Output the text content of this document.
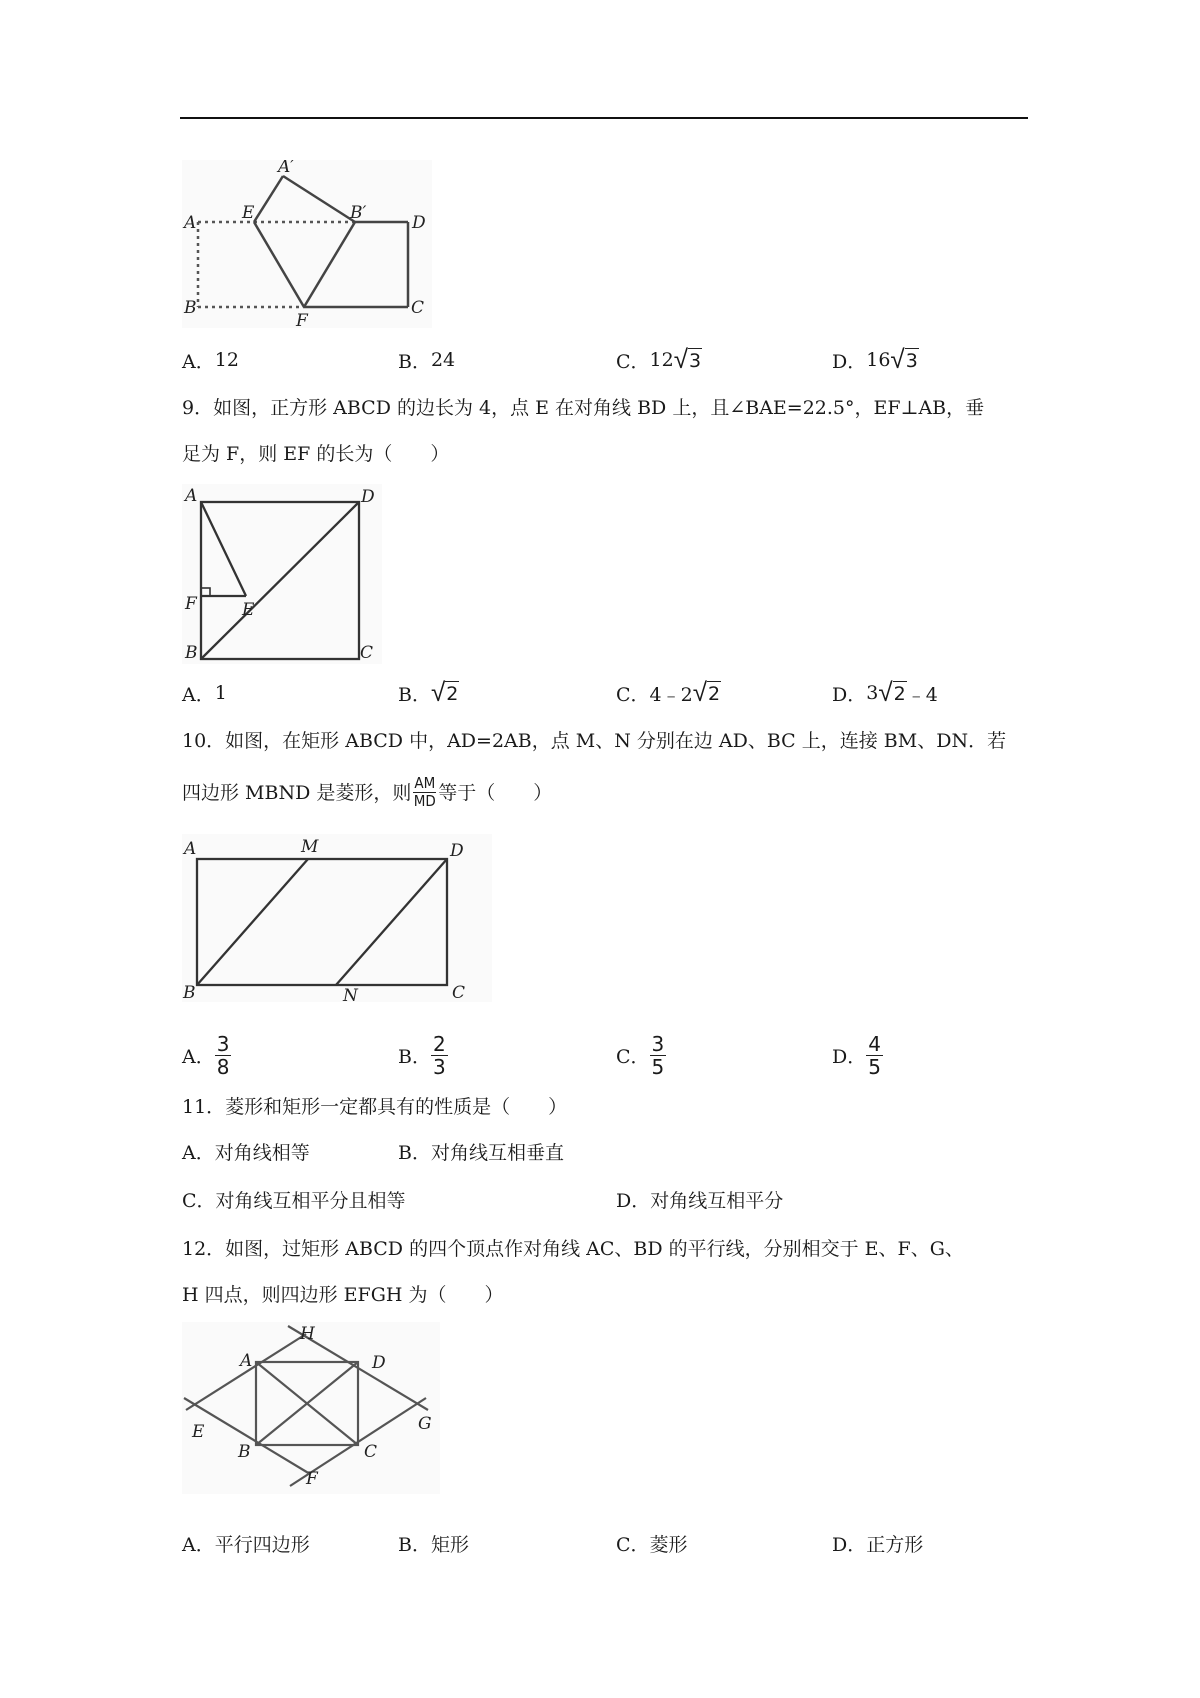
A′
A	E	B′	D
B
F
C
A． 12	B． 24	C． 12 √ 3	D． 16 √ 3
9．如图，正方形 ABCD 的边长为 4，点 E 在对角线 BD 上，且∠BAE=22.5°，EF⊥AB，垂
足为 F，则 EF 的长为（　　）
A	D
F	E
B	C
A． 1	B． √ 2	C． 4﹣2 √ 2	D． 3 √ 2 ﹣4
10．如图，在矩形 ABCD 中，AD=2AB，点 M、N 分别在边 AD、BC 上，连接 BM、DN．若
四边形 MBND 是菱形，则 $\frac{AM}{MD}$ 等于（　　）
A	M	D
B	N	C
A． $\frac{3}{8}$	B． $\frac{2}{3}$	C． $\frac{3}{5}$	D． $\frac{4}{5}$
11．菱形和矩形一定都具有的性质是（　　）
A．对角线相等	B．对角线互相垂直
C．对角线互相平分且相等	D．对角线互相平分
12．如图，过矩形 ABCD 的四个顶点作对角线 AC、BD 的平行线，分别相交于 E、F、G、
H 四点，则四边形 EFGH 为（　　）
H
A	D
E	G
B	C
F
A． 平行四边形	B． 矩形	C． 菱形	D． 正方形
